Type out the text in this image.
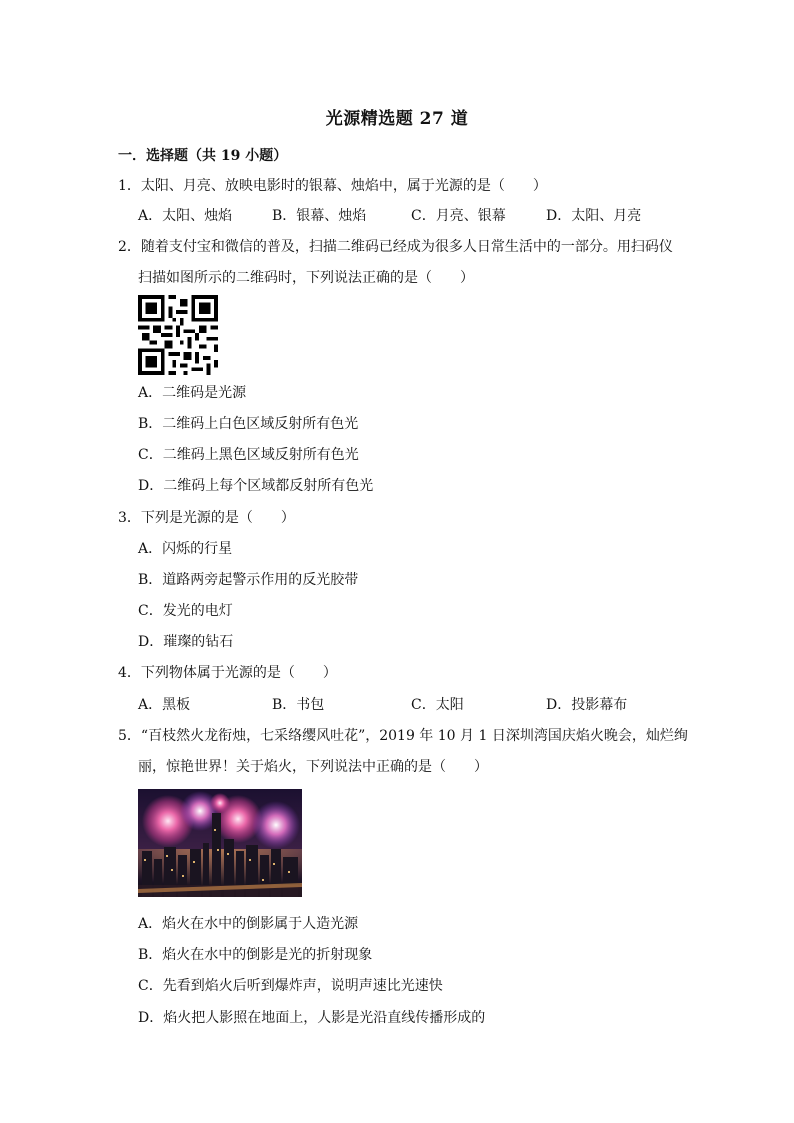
光源精选题 27 道
一．选择题（共 19 小题）
1．太阳、月亮、放映电影时的银幕、烛焰中，属于光源的是（　　）
A．太阳、烛焰	B．银幕、烛焰	C．月亮、银幕	D．太阳、月亮
2．随着支付宝和微信的普及，扫描二维码已经成为很多人日常生活中的一部分。用扫码仪
扫描如图所示的二维码时，下列说法正确的是（　　）
A．二维码是光源
B．二维码上白色区域反射所有色光
C．二维码上黑色区域反射所有色光
D．二维码上每个区域都反射所有色光
3．下列是光源的是（　　）
A．闪烁的行星
B．道路两旁起警示作用的反光胶带
C．发光的电灯
D．璀璨的钻石
4．下列物体属于光源的是（　　）
A．黑板	B．书包	C．太阳	D．投影幕布
5．“百枝然火龙衔烛，七采络缨风吐花”，2019 年 10 月 1 日深圳湾国庆焰火晚会，灿烂绚
丽，惊艳世界！关于焰火，下列说法中正确的是（　　）
A．焰火在水中的倒影属于人造光源
B．焰火在水中的倒影是光的折射现象
C．先看到焰火后听到爆炸声，说明声速比光速快
D．焰火把人影照在地面上，人影是光沿直线传播形成的
